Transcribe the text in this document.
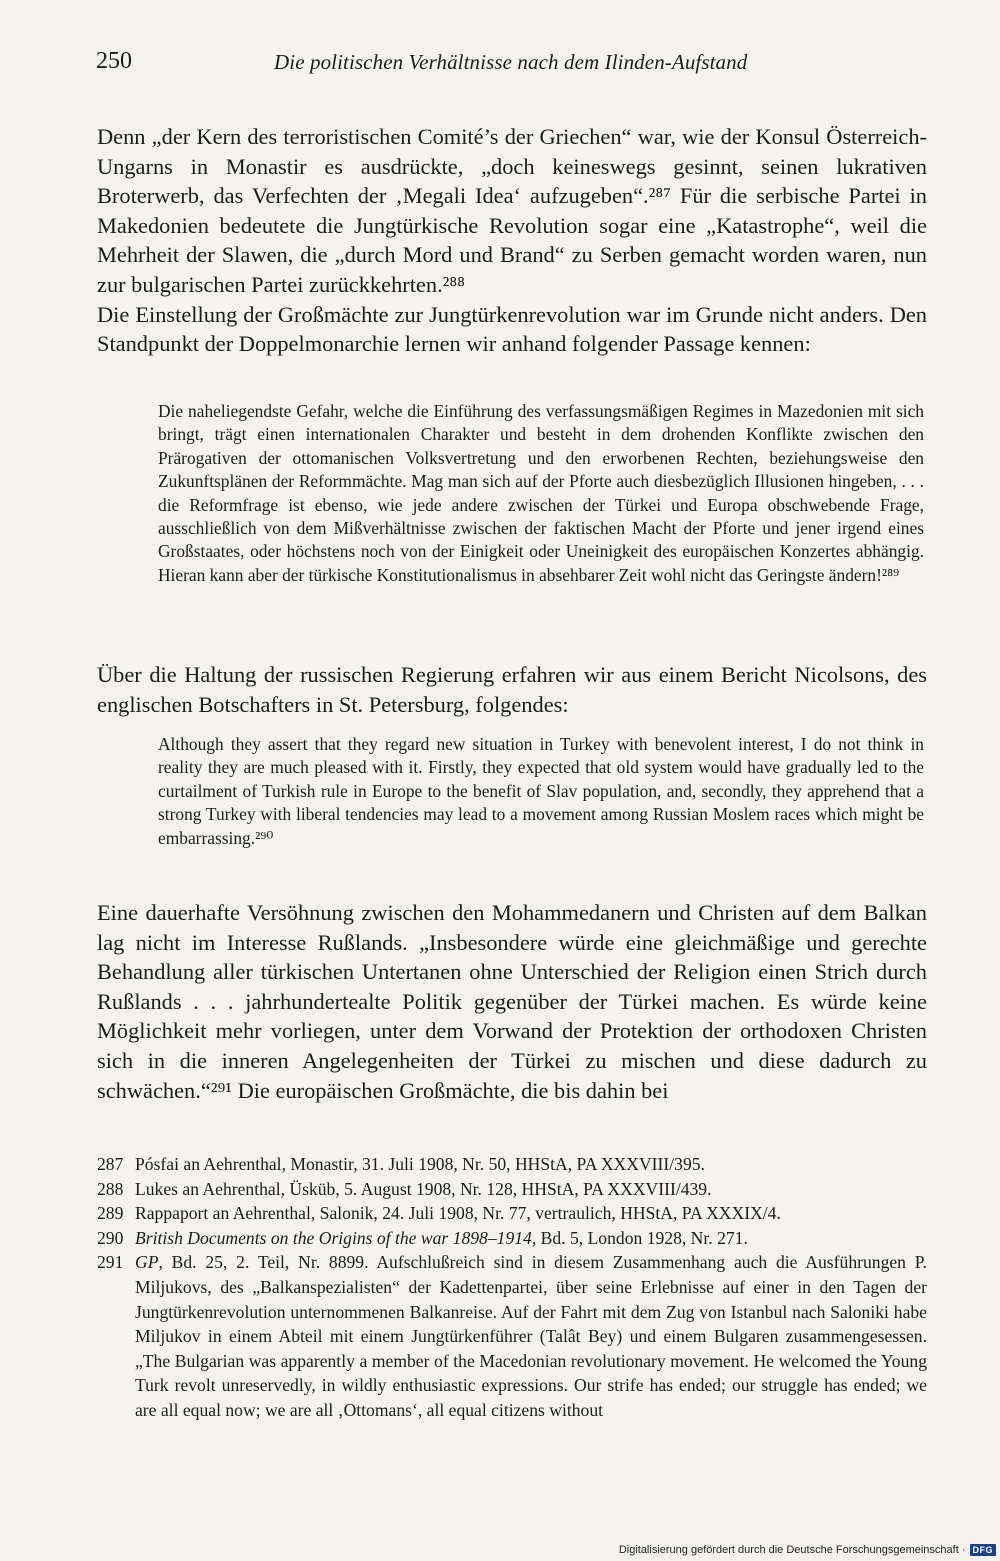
250	Die politischen Verhältnisse nach dem Ilinden-Aufstand

Denn „der Kern des terroristischen Comité’s der Griechen“ war, wie der Konsul Österreich-Ungarns in Monastir es ausdrückte, „doch keineswegs gesinnt, seinen lukrativen Broterwerb, das Verfechten der ‚Megali Idea‘ aufzugeben“.²⁸⁷ Für die serbische Partei in Makedonien bedeutete die Jungtürkische Revolution sogar eine „Katastrophe“, weil die Mehrheit der Slawen, die „durch Mord und Brand“ zu Serben gemacht worden waren, nun zur bulgarischen Partei zurückkehrten.²⁸⁸

Die Einstellung der Großmächte zur Jungtürkenrevolution war im Grunde nicht anders. Den Standpunkt der Doppelmonarchie lernen wir anhand folgender Passage kennen:

Die naheliegendste Gefahr, welche die Einführung des verfassungsmäßigen Regimes in Mazedonien mit sich bringt, trägt einen internationalen Charakter und besteht in dem drohenden Konflikte zwischen den Prärogativen der ottomanischen Volksvertretung und den erworbenen Rechten, beziehungsweise den Zukunftsplänen der Reformmächte. Mag man sich auf der Pforte auch diesbezüglich Illusionen hingeben, . . . die Reformfrage ist ebenso, wie jede andere zwischen der Türkei und Europa obschwebende Frage, ausschließlich von dem Mißverhältnisse zwischen der faktischen Macht der Pforte und jener irgend eines Großstaates, oder höchstens noch von der Einigkeit oder Uneinigkeit des europäischen Konzertes abhängig. Hieran kann aber der türkische Konstitutionalismus in absehbarer Zeit wohl nicht das Geringste ändern!²⁸⁹

Über die Haltung der russischen Regierung erfahren wir aus einem Bericht Nicolsons, des englischen Botschafters in St. Petersburg, folgendes:

Although they assert that they regard new situation in Turkey with benevolent interest, I do not think in reality they are much pleased with it. Firstly, they expected that old system would have gradually led to the curtailment of Turkish rule in Europe to the benefit of Slav population, and, secondly, they apprehend that a strong Turkey with liberal tendencies may lead to a movement among Russian Moslem races which might be embarrassing.²⁹⁰

Eine dauerhafte Versöhnung zwischen den Mohammedanern und Christen auf dem Balkan lag nicht im Interesse Rußlands. „Insbesondere würde eine gleichmäßige und gerechte Behandlung aller türkischen Untertanen ohne Unterschied der Religion einen Strich durch Rußlands . . . jahrhundertealte Politik gegenüber der Türkei machen. Es würde keine Möglichkeit mehr vorliegen, unter dem Vorwand der Protektion der orthodoxen Christen sich in die inneren Angelegenheiten der Türkei zu mischen und diese dadurch zu schwächen.“²⁹¹ Die europäischen Großmächte, die bis dahin bei

287 Pósfai an Aehrenthal, Monastir, 31. Juli 1908, Nr. 50, HHStA, PA XXXVIII/395.
288 Lukes an Aehrenthal, Üsküb, 5. August 1908, Nr. 128, HHStA, PA XXXVIII/439.
289 Rappaport an Aehrenthal, Salonik, 24. Juli 1908, Nr. 77, vertraulich, HHStA, PA XXXIX/4.
290 British Documents on the Origins of the war 1898–1914, Bd. 5, London 1928, Nr. 271.
291 GP, Bd. 25, 2. Teil, Nr. 8899. Aufschlußreich sind in diesem Zusammenhang auch die Ausführungen P. Miljukovs, des „Balkanspezialisten“ der Kadettenpartei, über seine Erlebnisse auf einer in den Tagen der Jungtürkenrevolution unternommenen Balkanreise. Auf der Fahrt mit dem Zug von Istanbul nach Saloniki habe Miljukov in einem Abteil mit einem Jungtürkenführer (Talât Bey) und einem Bulgaren zusammengesessen. „The Bulgarian was apparently a member of the Macedonian revolutionary movement. He welcomed the Young Turk revolt unreservedly, in wildly enthusiastic expressions. Our strife has ended; our struggle has ended; we are all equal now; we are all ‚Ottomans‘, all equal citizens without
Digitalisierung gefördert durch die Deutsche Forschungsgemeinschaft · DFG
